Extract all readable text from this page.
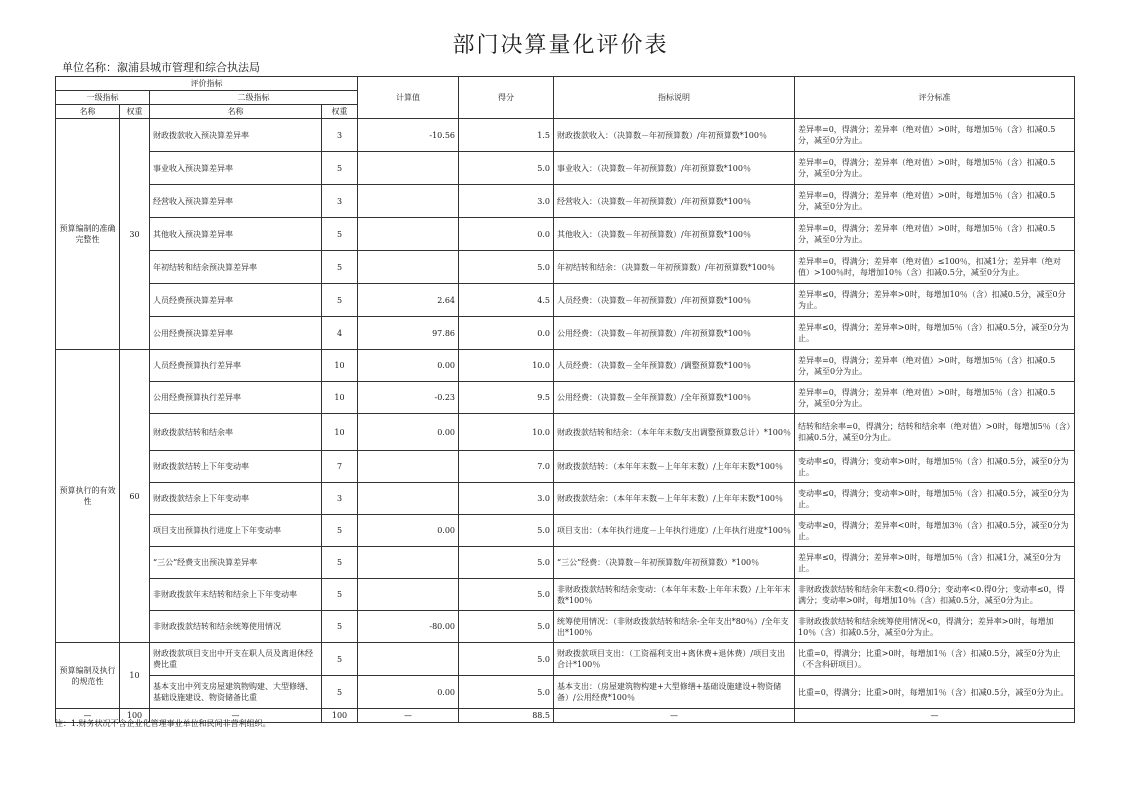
部门决算量化评价表
单位名称：溆浦县城市管理和综合执法局
评价指标				计算值	得分	指标说明	评分标准
一级指标		二级指标					
名称	权重	名称	权重				
预算编制的准确完整性	30	财政拨款收入预决算差异率	3	-10.56	1.5	财政拨款收入：（决算数－年初预算数）/年初预算数*100％	差异率=0，得满分；差异率（绝对值）>0时，每增加5％（含）扣减0.5分，减至0分为止。
		事业收入预决算差异率	5		5.0	事业收入：（决算数－年初预算数）/年初预算数*100％	差异率=0，得满分；差异率（绝对值）>0时，每增加5％（含）扣减0.5分，减至0分为止。
		经营收入预决算差异率	3		3.0	经营收入：（决算数－年初预算数）/年初预算数*100％	差异率=0，得满分；差异率（绝对值）>0时，每增加5％（含）扣减0.5分，减至0分为止。
		其他收入预决算差异率	5		0.0	其他收入：（决算数－年初预算数）/年初预算数*100％	差异率=0，得满分；差异率（绝对值）>0时，每增加5％（含）扣减0.5分，减至0分为止。
		年初结转和结余预决算差异率	5		5.0	年初结转和结余：（决算数－年初预算数）/年初预算数*100％	差异率=0，得满分；差异率（绝对值）≤100％，扣减1分；差异率（绝对值）>100％时，每增加10％（含）扣减0.5分，减至0分为止。
		人员经费预决算差异率	5	2.64	4.5	人员经费：（决算数－年初预算数）/年初预算数*100％	差异率≤0，得满分；差异率>0时，每增加10％（含）扣减0.5分，减至0分为止。
		公用经费预决算差异率	4	97.86	0.0	公用经费：（决算数－年初预算数）/年初预算数*100％	差异率≤0，得满分；差异率>0时，每增加5％（含）扣减0.5分，减至0分为止。
预算执行的有效性	60	人员经费预算执行差异率	10	0.00	10.0	人员经费：（决算数－全年预算数）/调整预算数*100％	差异率=0，得满分；差异率（绝对值）>0时，每增加5％（含）扣减0.5分，减至0分为止。
		公用经费预算执行差异率	10	-0.23	9.5	公用经费：（决算数－全年预算数）/全年预算数*100％	差异率=0，得满分；差异率（绝对值）>0时，每增加5％（含）扣减0.5分，减至0分为止。
		财政拨款结转和结余率	10	0.00	10.0	财政拨款结转和结余：（本年年末数/支出调整预算数总计）*100％	结转和结余率=0，得满分；结转和结余率（绝对值）>0时，每增加5％（含）扣减0.5分，减至0分为止。
		财政拨款结转上下年变动率	7		7.0	财政拨款结转：（本年年末数－上年年末数）/上年年末数*100％	变动率≤0，得满分；变动率>0时，每增加5％（含）扣减0.5分，减至0分为止。
		财政拨款结余上下年变动率	3		3.0	财政拨款结余：（本年年末数－上年年末数）/上年年末数*100％	变动率≤0，得满分；变动率>0时，每增加5％（含）扣减0.5分，减至0分为止。
		项目支出预算执行进度上下年变动率	5	0.00	5.0	项目支出：（本年执行进度－上年执行进度）/上年执行进度*100％	变动率≥0，得满分；差异率<0时，每增加3％（含）扣减0.5分，减至0分为止。
		“三公”经费支出预决算差异率	5		5.0	“三公”经费：（决算数－年初预算数/年初预算数）*100％	差异率≤0，得满分；差异率>0时，每增加5％（含）扣减1分，减至0分为止。
		非财政拨款年末结转和结余上下年变动率	5		5.0	非财政拨款结转和结余变动：（本年年末数-上年年末数）/上年年末数*100％	非财政拨款结转和结余年末数<0.得0分；变动率<0.得0分；变动率≤0，得满分；变动率>0时，每增加10％（含）扣减0.5分，减至0分为止。
		非财政拨款结转和结余统筹使用情况	5	-80.00	5.0	统筹使用情况：（非财政拨款结转和结余-全年支出*80％）/全年支出*100％	非财政拨款结转和结余统筹使用情况<0，得满分；差异率>0时，每增加10％（含）扣减0.5分，减至0分为止。
预算编制及执行的规范性	10	财政拨款项目支出中开支在职人员及离退休经费比重	5		5.0	财政拨款项目支出：（工资福利支出+离休费+退休费）/项目支出合计*100％	比重=0，得满分；比重>0时，每增加1％（含）扣减0.5分，减至0分为止（不含科研项目）。
		基本支出中列支房屋建筑物购建、大型修缮、基础设施建设、物资储备比重	5	0.00	5.0	基本支出：（房屋建筑物构建+大型修缮+基础设施建设+物资储备）/公用经费*100％	比重=0，得满分；比重>0时，每增加1％（含）扣减0.5分，减至0分为止。
—	100	—	100	—	88.5	—	—
注：1.财务状况不含企业化管理事业单位和民间非营利组织。
